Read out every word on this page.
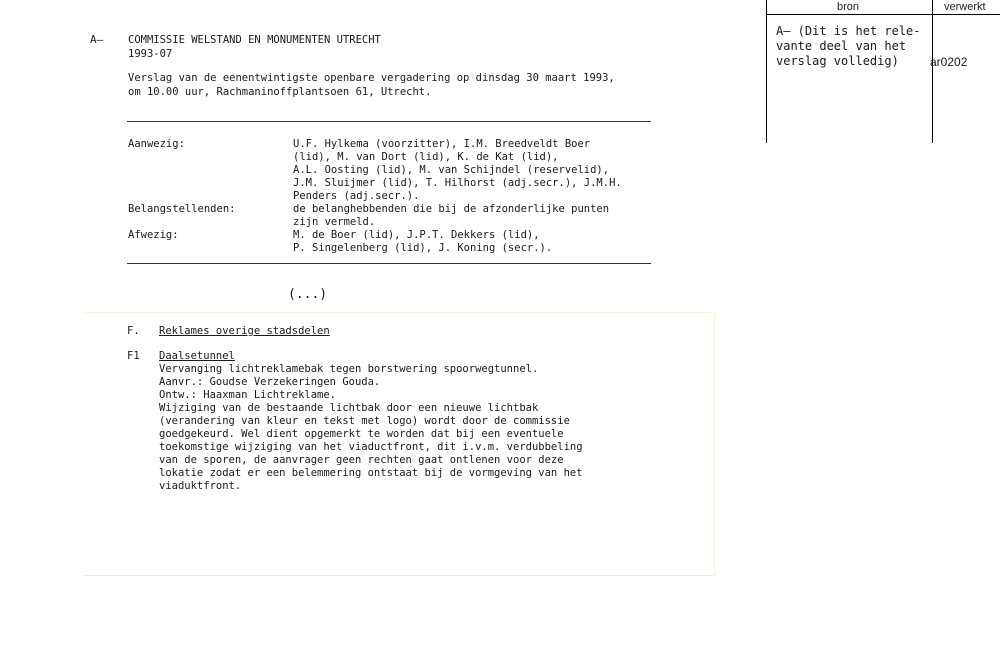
bron	verwerkt
A– (Dit is het rele-
vante deel van het
verslag volledig)	ar0202
A– COMMISSIE WELSTAND EN MONUMENTEN UTRECHT
1993-07
Verslag van de eenentwintigste openbare vergadering op dinsdag 30 maart 1993,
om 10.00 uur, Rachmaninoffplantsoen 61, Utrecht.
Aanwezig:	U.F. Hylkema (voorzitter), I.M. Breedveldt Boer
(lid), M. van Dort (lid), K. de Kat (lid),
A.L. Oosting (lid), M. van Schijndel (reservelid),
J.M. Sluijmer (lid), T. Hilhorst (adj.secr.), J.M.H.
Penders (adj.secr.).
Belangstellenden:	de belanghebbenden die bij de afzonderlijke punten
zijn vermeld.
Afwezig:	M. de Boer (lid), J.P.T. Dekkers (lid),
P. Singelenberg (lid), J. Koning (secr.).
(...)
F. Reklames overige stadsdelen
F1 Daalsetunnel
Vervanging lichtreklamebak tegen borstwering spoorwegtunnel.
Aanvr.: Goudse Verzekeringen Gouda.
Ontw.: Haaxman Lichtreklame.
Wijziging van de bestaande lichtbak door een nieuwe lichtbak
(verandering van kleur en tekst met logo) wordt door de commissie
goedgekeurd. Wel dient opgemerkt te worden dat bij een eventuele
toekomstige wijziging van het viaductfront, dit i.v.m. verdubbeling
van de sporen, de aanvrager geen rechten gaat ontlenen voor deze
lokatie zodat er een belemmering ontstaat bij de vormgeving van het
viaduktfront.
